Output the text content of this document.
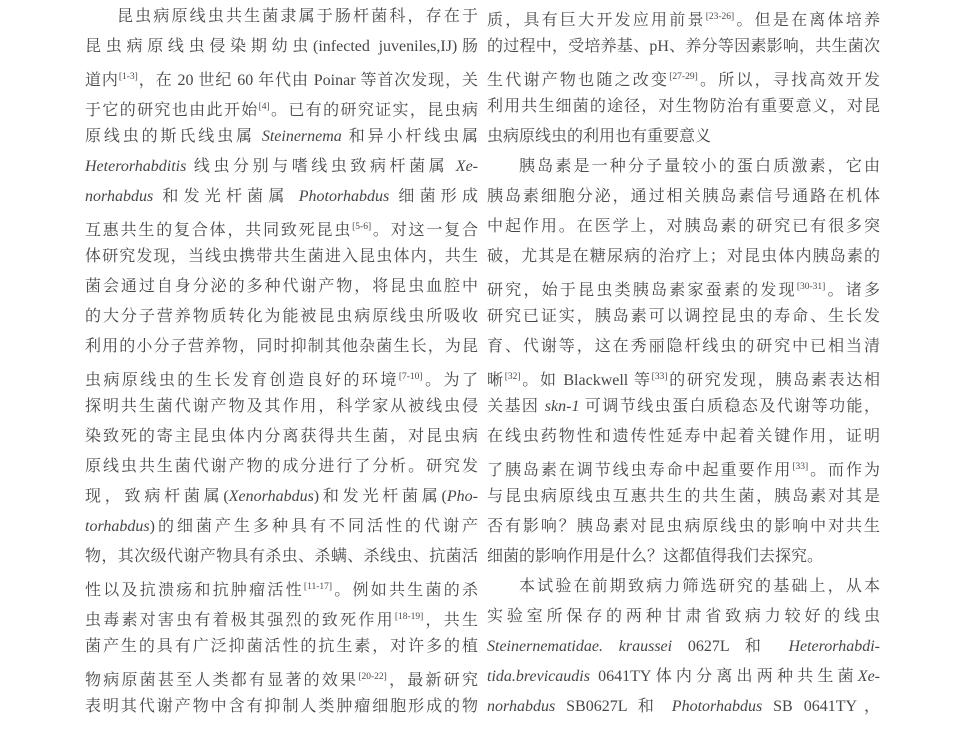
昆虫病原线虫共生菌隶属于肠杆菌科，存在于
昆虫病原线虫侵染期幼虫(infected juveniles,IJ)肠
道内[1-3]，在 20 世纪 60 年代由 Poinar 等首次发现，关
于它的研究也由此开始[4]。已有的研究证实，昆虫病
原线虫的斯氏线虫属 Steinernema 和异小杆线虫属
Heterorhabditis 线虫分别与嗜线虫致病杆菌属 Xe-
norhabdus 和发光杆菌属 Photorhabdus 细菌形成
互惠共生的复合体，共同致死昆虫[5-6]。对这一复合
体研究发现，当线虫携带共生菌进入昆虫体内，共生
菌会通过自身分泌的多种代谢产物，将昆虫血腔中
的大分子营养物质转化为能被昆虫病原线虫所吸收
利用的小分子营养物，同时抑制其他杂菌生长，为昆
虫病原线虫的生长发育创造良好的环境[7-10]。为了
探明共生菌代谢产物及其作用，科学家从被线虫侵
染致死的寄主昆虫体内分离获得共生菌，对昆虫病
原线虫共生菌代谢产物的成分进行了分析。研究发
现，致病杆菌属(Xenorhabdus)和发光杆菌属(Pho-
torhabdus)的细菌产生多种具有不同活性的代谢产
物，其次级代谢产物具有杀虫、杀螨、杀线虫、抗菌活
性以及抗溃疡和抗肿瘤活性[11-17]。例如共生菌的杀
虫毒素对害虫有着极其强烈的致死作用[18-19]，共生
菌产生的具有广泛抑菌活性的抗生素，对许多的植
物病原菌甚至人类都有显著的效果[20-22]，最新研究
表明其代谢产物中含有抑制人类肿瘤细胞形成的物
质，具有巨大开发应用前景[23-26]。但是在离体培养
的过程中，受培养基、pH、养分等因素影响，共生菌次
生代谢产物也随之改变[27-29]。所以，寻找高效开发
利用共生细菌的途径，对生物防治有重要意义，对昆
虫病原线虫的利用也有重要意义
胰岛素是一种分子量较小的蛋白质激素，它由
胰岛素细胞分泌，通过相关胰岛素信号通路在机体
中起作用。在医学上，对胰岛素的研究已有很多突
破，尤其是在糖尿病的治疗上；对昆虫体内胰岛素的
研究，始于昆虫类胰岛素家蚕素的发现[30-31]。诸多
研究已证实，胰岛素可以调控昆虫的寿命、生长发
育、代谢等，这在秀丽隐杆线虫的研究中已相当清
晰[32]。如 Blackwell 等[33]的研究发现，胰岛素表达相
关基因 skn-1 可调节线虫蛋白质稳态及代谢等功能，
在线虫药物性和遗传性延寿中起着关键作用，证明
了胰岛素在调节线虫寿命中起重要作用[33]。而作为
与昆虫病原线虫互惠共生的共生菌，胰岛素对其是
否有影响？胰岛素对昆虫病原线虫的影响中对共生
细菌的影响作用是什么？这都值得我们去探究。
本试验在前期致病力筛选研究的基础上，从本
实验室所保存的两种甘肃省致病力较好的线虫
Steinernematidae. kraussei 0627L 和 Heterorhabdi-
tida.brevicaudis 0641TY体内分离出两种共生菌Xe-
norhabdus SB0627L 和 Photorhabdus SB 0641TY，
